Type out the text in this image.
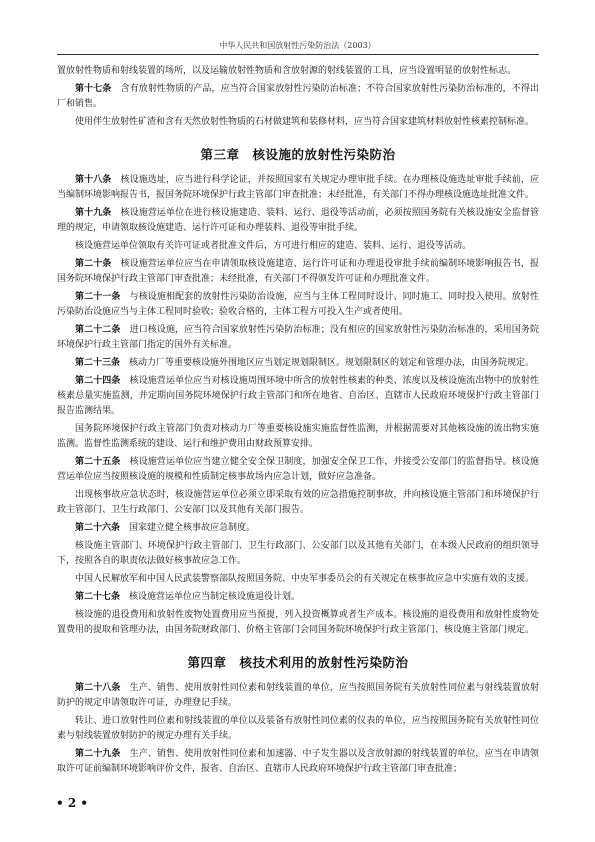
中华人民共和国放射性污染防治法（2003）

置放射性物质和射线装置的场所，以及运输放射性物质和含放射源的射线装置的工具，应当设置明显的放射性标志。

第十七条　 含有放射性物质的产品，应当符合国家放射性污染防治标准；不符合国家放射性污染防治标准的，不得出厂和销售。

使用伴生放射性矿渣和含有天然放射性物质的石材做建筑和装修材料，应当符合国家建筑材料放射性核素控制标准。

第三章　核设施的放射性污染防治

第十八条　 核设施选址，应当进行科学论证，并按照国家有关规定办理审批手续。在办理核设施选址审批手续前，应当编制环境影响报告书，报国务院环境保护行政主管部门审查批准；未经批准，有关部门不得办理核设施选址批准文件。

第十九条　 核设施营运单位在进行核设施建造、装料、运行、退役等活动前，必须按照国务院有关核设施安全监督管理的规定，申请领取核设施建造、运行许可证和办理装料、退役等审批手续。

核设施营运单位领取有关许可证或者批准文件后，方可进行相应的建造、装料、运行、退役等活动。

第二十条　 核设施营运单位应当在申请领取核设施建造、运行许可证和办理退役审批手续前编制环境影响报告书，报国务院环境保护行政主管部门审查批准；未经批准，有关部门不得颁发许可证和办理批准文件。

第二十一条　 与核设施相配套的放射性污染防治设施，应当与主体工程同时设计、同时施工、同时投入使用。放射性污染防治设施应当与主体工程同时验收；验收合格的，主体工程方可投入生产或者使用。

第二十二条　 进口核设施，应当符合国家放射性污染防治标准；没有相应的国家放射性污染防治标准的，采用国务院环境保护行政主管部门指定的国外有关标准。

第二十三条　 核动力厂等重要核设施外围地区应当划定规划限制区。规划限制区的划定和管理办法，由国务院规定。

第二十四条　 核设施营运单位应当对核设施周围环境中所含的放射性核素的种类、浓度以及核设施流出物中的放射性核素总量实施监测，并定期向国务院环境保护行政主管部门和所在地省、自治区、直辖市人民政府环境保护行政主管部门报告监测结果。

国务院环境保护行政主管部门负责对核动力厂等重要核设施实施监督性监测，并根据需要对其他核设施的流出物实施监测。监督性监测系统的建设、运行和维护费用由财政预算安排。

第二十五条　 核设施营运单位应当建立健全安全保卫制度，加强安全保卫工作，并接受公安部门的监督指导。核设施营运单位应当按照核设施的规模和性质制定核事故场内应急计划，做好应急准备。

出现核事故应急状态时，核设施营运单位必须立即采取有效的应急措施控制事故，并向核设施主管部门和环境保护行政主管部门、卫生行政部门、公安部门以及其他有关部门报告。

第二十六条　 国家建立健全核事故应急制度。

核设施主管部门、环境保护行政主管部门、卫生行政部门、公安部门以及其他有关部门，在本级人民政府的组织领导下，按照各自的职责依法做好核事故应急工作。

中国人民解放军和中国人民武装警察部队按照国务院、中央军事委员会的有关规定在核事故应急中实施有效的支援。

第二十七条　 核设施营运单位应当制定核设施退役计划。

核设施的退役费用和放射性废物处置费用应当预提，列入投资概算或者生产成本。核设施的退役费用和放射性废物处置费用的提取和管理办法，由国务院财政部门、价格主管部门会同国务院环境保护行政主管部门、核设施主管部门规定。

第四章　核技术利用的放射性污染防治

第二十八条　 生产、销售、使用放射性同位素和射线装置的单位，应当按照国务院有关放射性同位素与射线装置放射防护的规定申请领取许可证，办理登记手续。

转让、进口放射性同位素和射线装置的单位以及装备有放射性同位素的仪表的单位，应当按照国务院有关放射性同位素与射线装置放射防护的规定办理有关手续。

第二十九条　 生产、销售、使用放射性同位素和加速器、中子发生器以及含放射源的射线装置的单位，应当在申请领取许可证前编制环境影响评价文件，报省、自治区、直辖市人民政府环境保护行政主管部门审查批准；

• 2 •
